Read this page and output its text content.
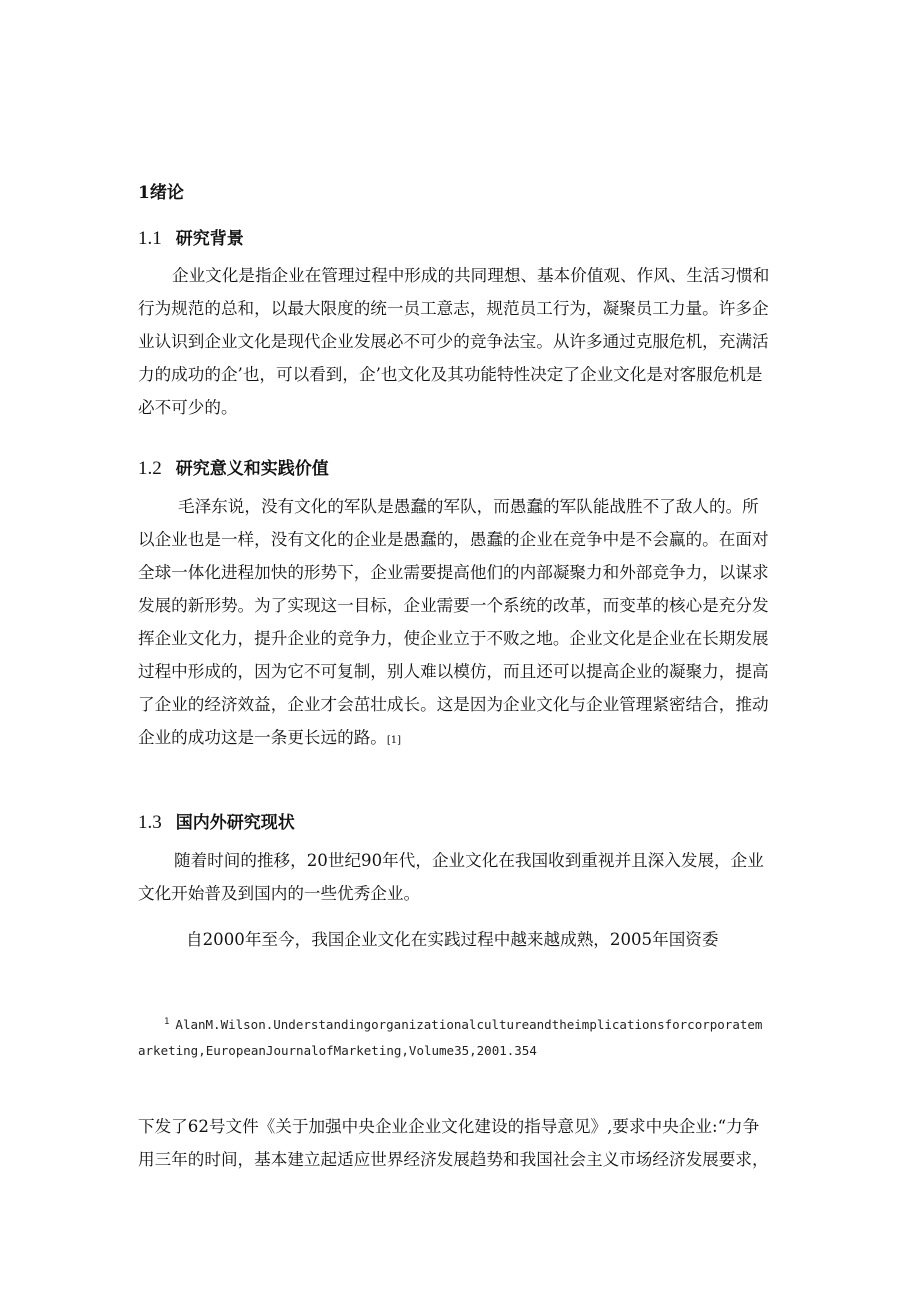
1绪论
1.1 研究背景
企业文化是指企业在管理过程中形成的共同理想、基本价值观、作风、生活习惯和
行为规范的总和，以最大限度的统一员工意志，规范员工行为，凝聚员工力量。许多企
业认识到企业文化是现代企业发展必不可少的竞争法宝。从许多通过克服危机，充满活
力的成功的企’也，可以看到，企’也文化及其功能特性决定了企业文化是对客服危机是
必不可少的。
1.2 研究意义和实践价值
毛泽东说，没有文化的军队是愚蠢的军队，而愚蠢的军队能战胜不了敌人的。所
以企业也是一样，没有文化的企业是愚蠢的，愚蠢的企业在竞争中是不会赢的。在面对
全球一体化进程加快的形势下，企业需要提高他们的内部凝聚力和外部竞争力，以谋求
发展的新形势。为了实现这一目标，企业需要一个系统的改革，而变革的核心是充分发
挥企业文化力，提升企业的竞争力，使企业立于不败之地。企业文化是企业在长期发展
过程中形成的，因为它不可复制，别人难以模仿，而且还可以提高企业的凝聚力，提高
了企业的经济效益，企业才会茁壮成长。这是因为企业文化与企业管理紧密结合，推动
企业的成功这是一条更长远的路。[1]
1.3 国内外研究现状
随着时间的推移，20世纪90年代，企业文化在我国收到重视并且深入发展，企业
文化开始普及到国内的一些优秀企业。
自2000年至今，我国企业文化在实践过程中越来越成熟，2005年国资委
$^1$ AlanM.Wilson.Understandingorganizationalcultureandtheimplicationsforcorporatem
arketing,EuropeanJournalofMarketing,Volume35,2001.354
下发了62号文件《关于加强中央企业企业文化建设的指导意见》,要求中央企业:“力争
用三年的时间，基本建立起适应世界经济发展趋势和我国社会主义市场经济发展要求，
